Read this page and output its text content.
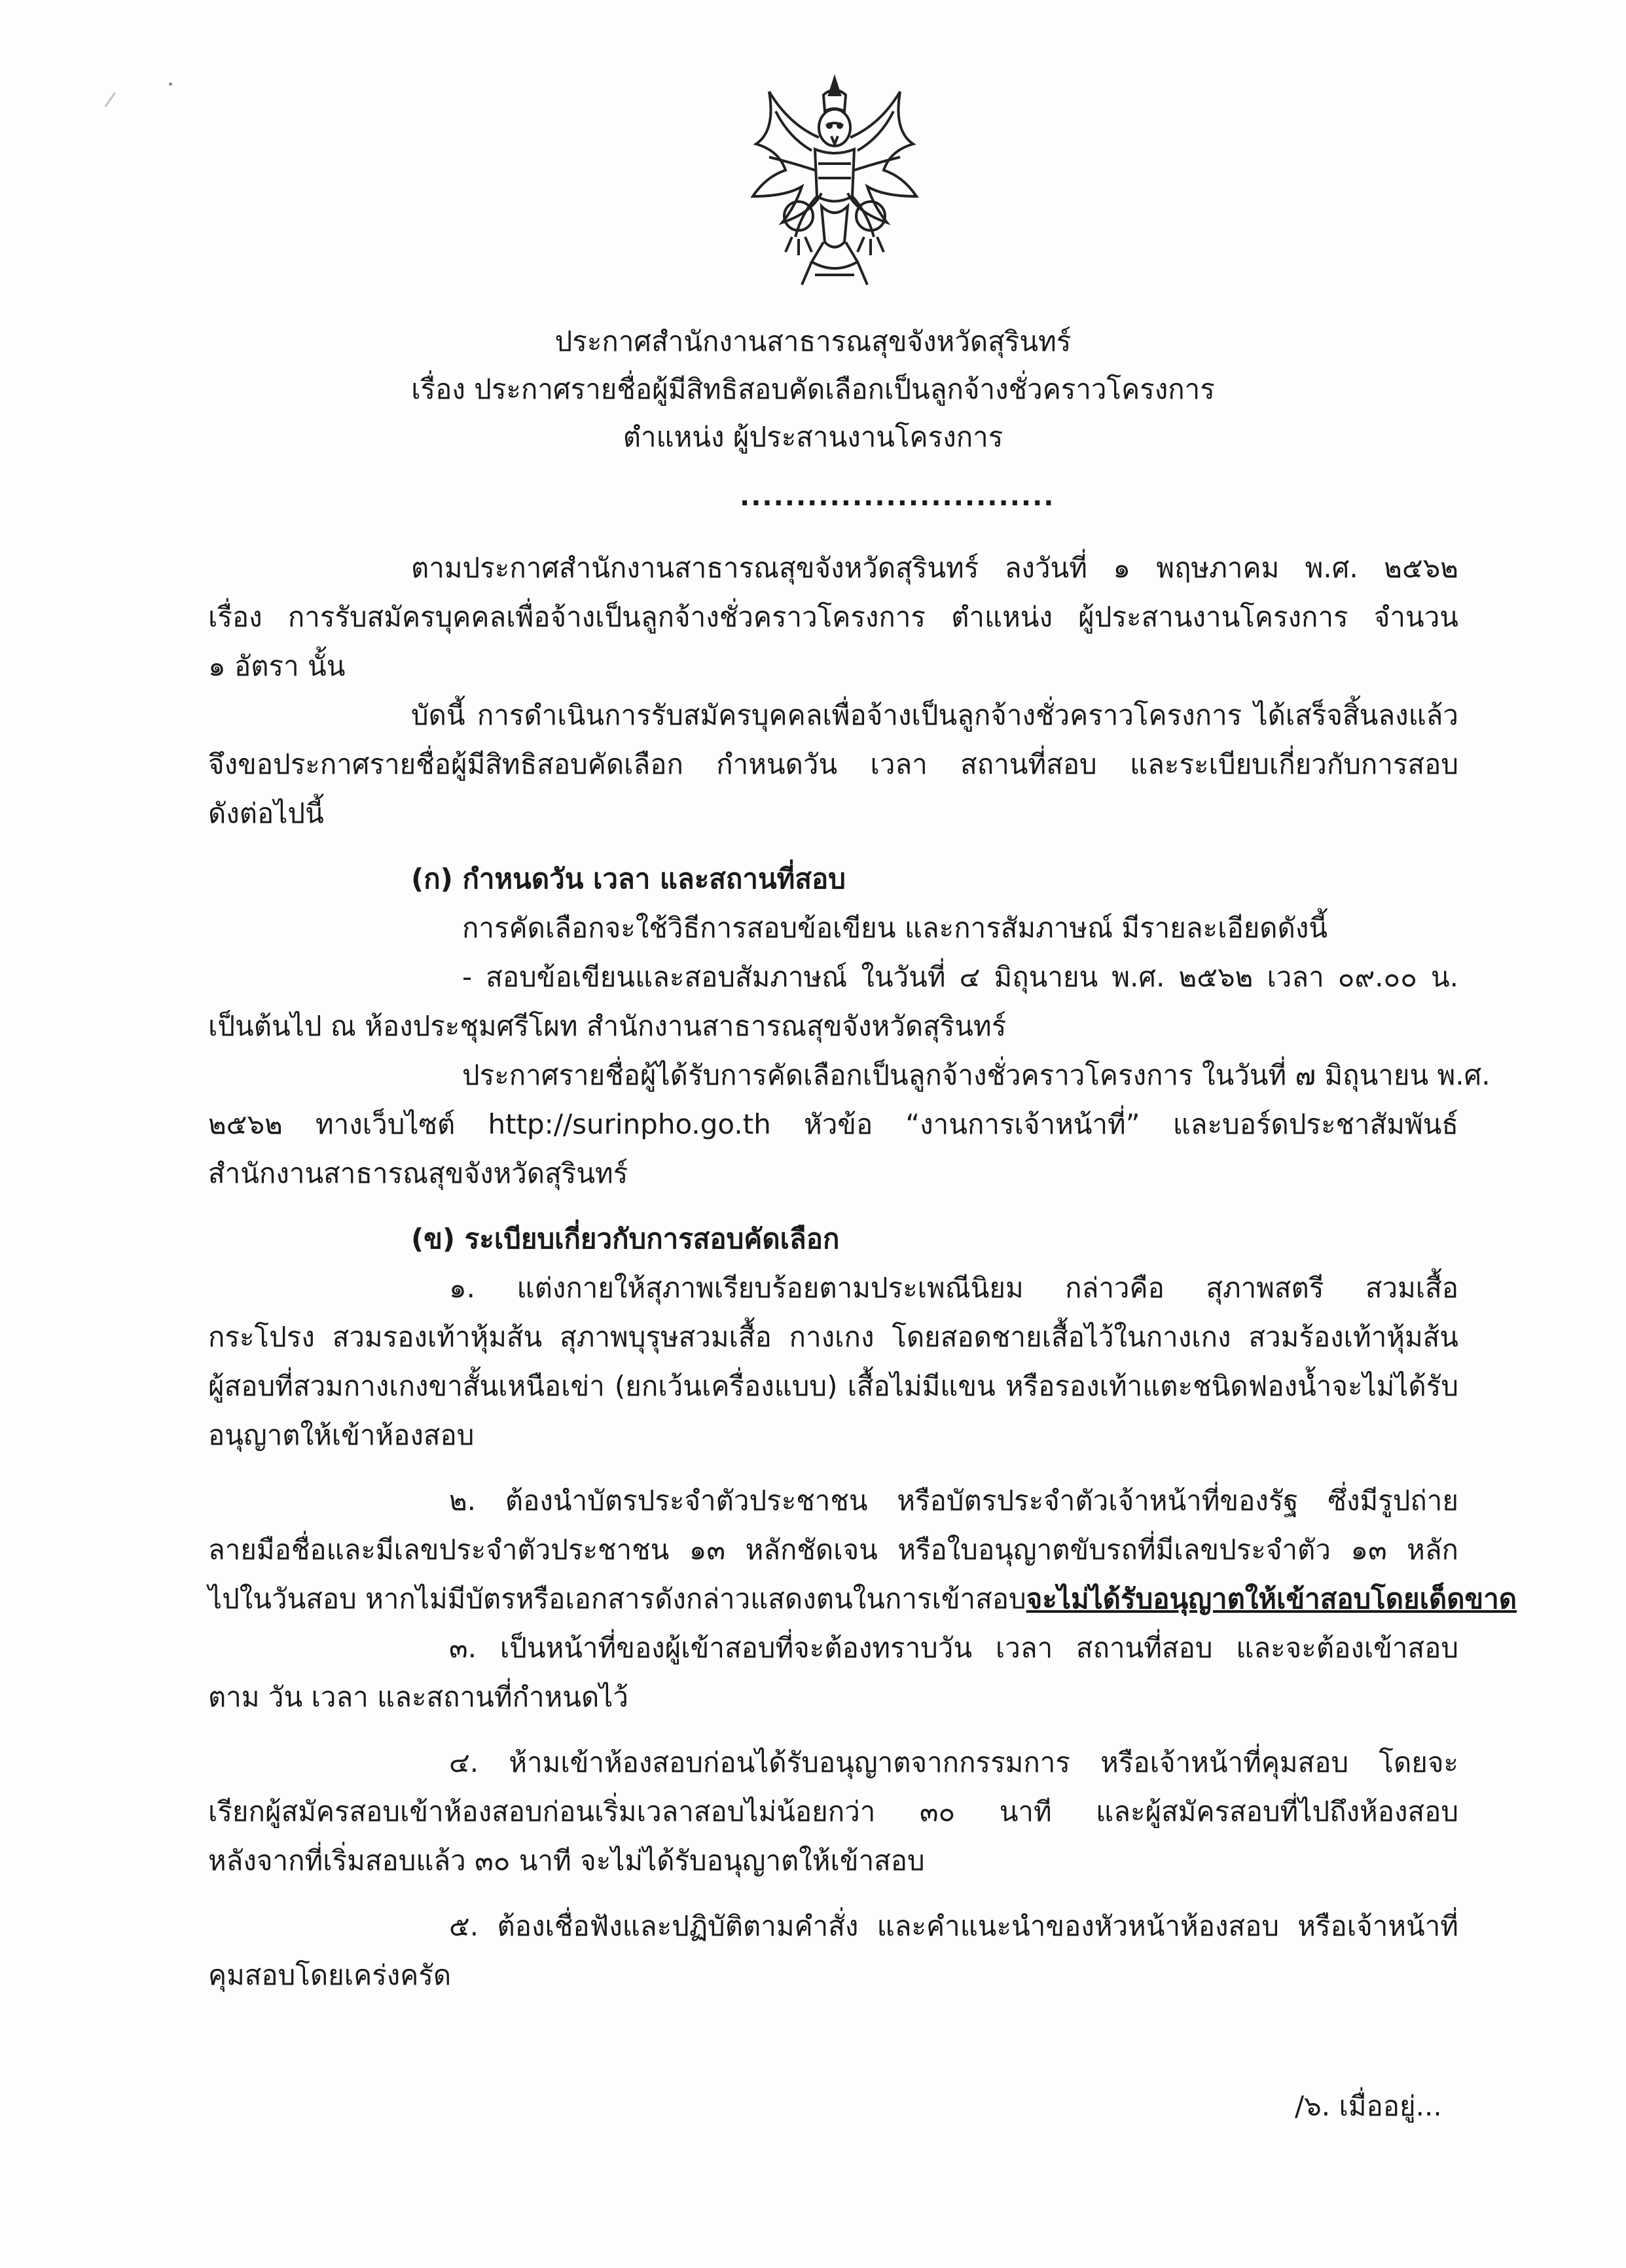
ประกาศสำนักงานสาธารณสุขจังหวัดสุรินทร์
เรื่อง ประกาศรายชื่อผู้มีสิทธิสอบคัดเลือกเป็นลูกจ้างชั่วคราวโครงการ
ตำแหน่ง ผู้ประสานงานโครงการ
............................
ตามประกาศสำนักงานสาธารณสุขจังหวัดสุรินทร์ ลงวันที่ ๑ พฤษภาคม พ.ศ. ๒๕๖๒
เรื่อง การรับสมัครบุคคลเพื่อจ้างเป็นลูกจ้างชั่วคราวโครงการ ตำแหน่ง ผู้ประสานงานโครงการ จำนวน
๑ อัตรา นั้น
บัดนี้ การดำเนินการรับสมัครบุคคลเพื่อจ้างเป็นลูกจ้างชั่วคราวโครงการ ได้เสร็จสิ้นลงแล้ว
จึงขอประกาศรายชื่อผู้มีสิทธิสอบคัดเลือก กำหนดวัน เวลา สถานที่สอบ และระเบียบเกี่ยวกับการสอบ
ดังต่อไปนี้
(ก) กำหนดวัน เวลา และสถานที่สอบ
การคัดเลือกจะใช้วิธีการสอบข้อเขียน และการสัมภาษณ์ มีรายละเอียดดังนี้
- สอบข้อเขียนและสอบสัมภาษณ์ ในวันที่ ๔ มิถุนายน พ.ศ. ๒๕๖๒ เวลา ๐๙.๐๐ น.
เป็นต้นไป ณ ห้องประชุมศรีโผท สำนักงานสาธารณสุขจังหวัดสุรินทร์
ประกาศรายชื่อผู้ได้รับการคัดเลือกเป็นลูกจ้างชั่วคราวโครงการ ในวันที่ ๗ มิถุนายน พ.ศ.
๒๕๖๒ ทางเว็บไซต์ http://surinpho.go.th หัวข้อ “งานการเจ้าหน้าที่” และบอร์ดประชาสัมพันธ์
สำนักงานสาธารณสุขจังหวัดสุรินทร์
(ข) ระเบียบเกี่ยวกับการสอบคัดเลือก
๑. แต่งกายให้สุภาพเรียบร้อยตามประเพณีนิยม กล่าวคือ สุภาพสตรี สวมเสื้อ
กระโปรง สวมรองเท้าหุ้มส้น สุภาพบุรุษสวมเสื้อ กางเกง โดยสอดชายเสื้อไว้ในกางเกง สวมร้องเท้าหุ้มส้น
ผู้สอบที่สวมกางเกงขาสั้นเหนือเข่า (ยกเว้นเครื่องแบบ) เสื้อไม่มีแขน หรือรองเท้าแตะชนิดฟองน้ำจะไม่ได้รับ
อนุญาตให้เข้าห้องสอบ
๒. ต้องนำบัตรประจำตัวประชาชน หรือบัตรประจำตัวเจ้าหน้าที่ของรัฐ ซึ่งมีรูปถ่าย
ลายมือชื่อและมีเลขประจำตัวประชาชน ๑๓ หลักชัดเจน หรือใบอนุญาตขับรถที่มีเลขประจำตัว ๑๓ หลัก
ไปในวันสอบ หากไม่มีบัตรหรือเอกสารดังกล่าวแสดงตนในการเข้าสอบ จะไม่ได้รับอนุญาตให้เข้าสอบโดยเด็ดขาด
๓. เป็นหน้าที่ของผู้เข้าสอบที่จะต้องทราบวัน เวลา สถานที่สอบ และจะต้องเข้าสอบ
ตาม วัน เวลา และสถานที่กำหนดไว้
๔. ห้ามเข้าห้องสอบก่อนได้รับอนุญาตจากกรรมการ หรือเจ้าหน้าที่คุมสอบ โดยจะ
เรียกผู้สมัครสอบเข้าห้องสอบก่อนเริ่มเวลาสอบไม่น้อยกว่า ๓๐ นาที และผู้สมัครสอบที่ไปถึงห้องสอบ
หลังจากที่เริ่มสอบแล้ว ๓๐ นาที จะไม่ได้รับอนุญาตให้เข้าสอบ
๕. ต้องเชื่อฟังและปฏิบัติตามคำสั่ง และคำแนะนำของหัวหน้าห้องสอบ หรือเจ้าหน้าที่
คุมสอบโดยเคร่งครัด
/๖. เมื่ออยู่...
